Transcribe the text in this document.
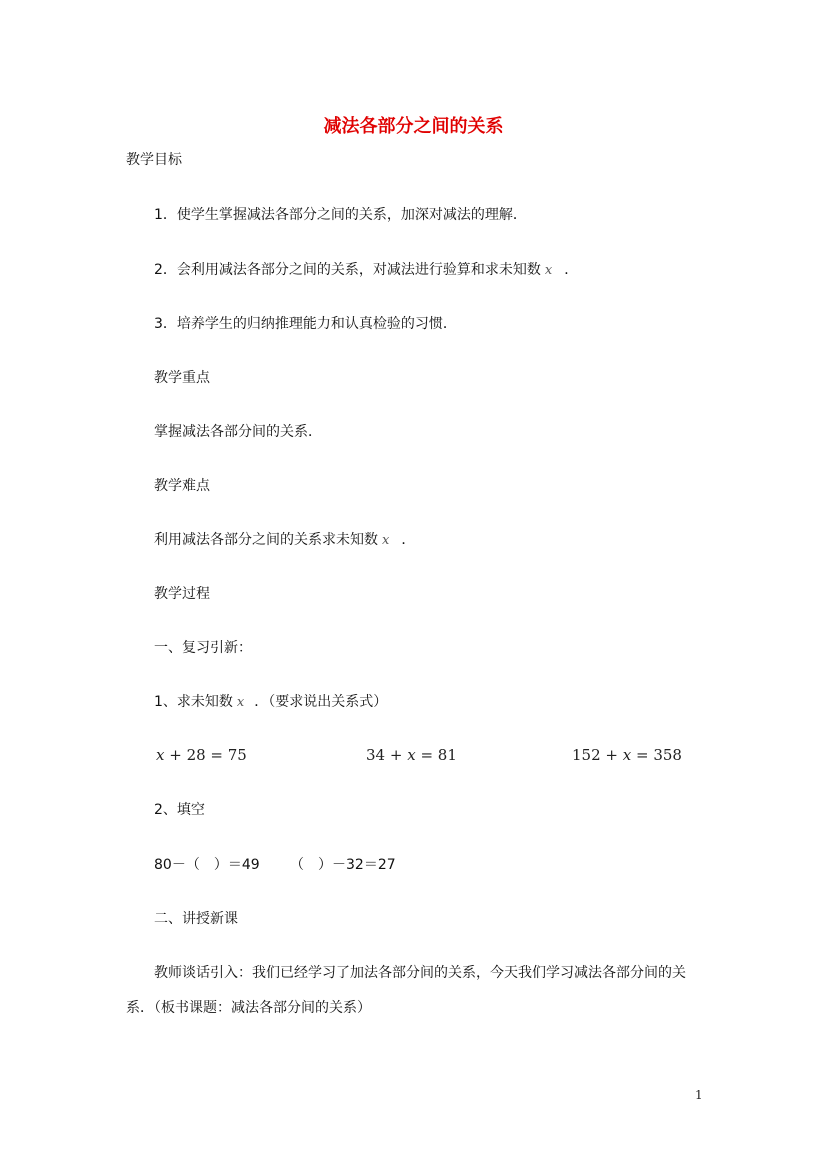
减法各部分之间的关系
教学目标
1．使学生掌握减法各部分之间的关系，加深对减法的理解．
2．会利用减法各部分之间的关系，对减法进行验算和求未知数 x ．
3．培养学生的归纳推理能力和认真检验的习惯．
教学重点
掌握减法各部分间的关系．
教学难点
利用减法各部分之间的关系求未知数 x ．
教学过程
一、复习引新：
1、求未知数 x ．（要求说出关系式）
x + 28 = 75	34 + x = 81	152 + x = 358
2、填空
80－（　）＝49 （　）－32＝27
二、讲授新课
教师谈话引入：我们已经学习了加法各部分间的关系，今天我们学习减法各部分间的关
系．（板书课题：减法各部分间的关系）
1
